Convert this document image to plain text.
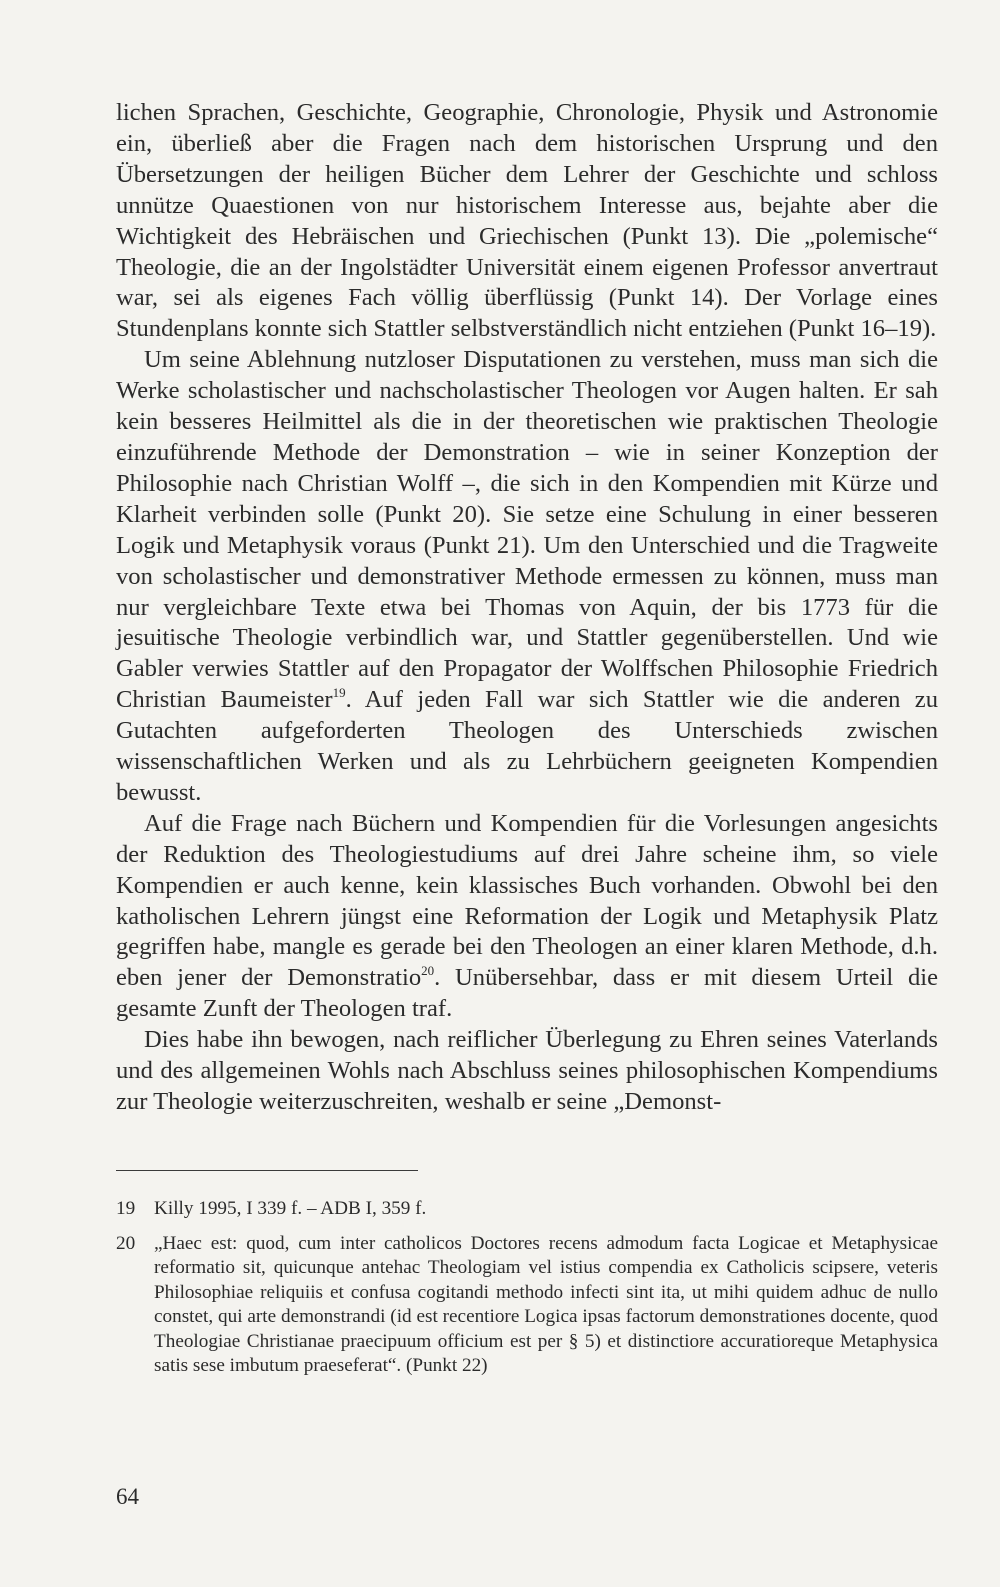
lichen Sprachen, Geschichte, Geographie, Chronologie, Physik und Astronomie ein, überließ aber die Fragen nach dem historischen Ursprung und den Übersetzungen der heiligen Bücher dem Lehrer der Geschichte und schloss unnütze Quaestionen von nur historischem Interesse aus, bejahte aber die Wichtigkeit des Hebräischen und Griechischen (Punkt 13). Die „polemische“ Theologie, die an der Ingolstädter Universität einem eigenen Professor anvertraut war, sei als eigenes Fach völlig überflüssig (Punkt 14). Der Vorlage eines Stundenplans konnte sich Stattler selbstverständlich nicht entziehen (Punkt 16–19).

Um seine Ablehnung nutzloser Disputationen zu verstehen, muss man sich die Werke scholastischer und nachscholastischer Theologen vor Augen halten. Er sah kein besseres Heilmittel als die in der theoretischen wie praktischen Theologie einzuführende Methode der Demonstration – wie in seiner Konzeption der Philosophie nach Christian Wolff –, die sich in den Kompendien mit Kürze und Klarheit verbinden solle (Punkt 20). Sie setze eine Schulung in einer besseren Logik und Metaphysik voraus (Punkt 21). Um den Unterschied und die Tragweite von scholastischer und demonstrativer Methode ermessen zu können, muss man nur vergleichbare Texte etwa bei Thomas von Aquin, der bis 1773 für die jesuitische Theologie verbindlich war, und Stattler gegenüberstellen. Und wie Gabler verwies Stattler auf den Propagator der Wolffschen Philosophie Friedrich Christian Baumeister$^{19}$. Auf jeden Fall war sich Stattler wie die anderen zu Gutachten aufgeforderten Theologen des Unterschieds zwischen wissenschaftlichen Werken und als zu Lehrbüchern geeigneten Kompendien bewusst.

Auf die Frage nach Büchern und Kompendien für die Vorlesungen angesichts der Reduktion des Theologiestudiums auf drei Jahre scheine ihm, so viele Kompendien er auch kenne, kein klassisches Buch vorhanden. Obwohl bei den katholischen Lehrern jüngst eine Reformation der Logik und Metaphysik Platz gegriffen habe, mangle es gerade bei den Theologen an einer klaren Methode, d.h. eben jener der Demonstratio$^{20}$. Unübersehbar, dass er mit diesem Urteil die gesamte Zunft der Theologen traf.

Dies habe ihn bewogen, nach reiflicher Überlegung zu Ehren seines Vaterlands und des allgemeinen Wohls nach Abschluss seines philosophischen Kompendiums zur Theologie weiterzuschreiten, weshalb er seine „Demonst-

19 Killy 1995, I 339 f. – ADB I, 359 f.
20 „Haec est: quod, cum inter catholicos Doctores recens admodum facta Logicae et Metaphysicae reformatio sit, quicunque antehac Theologiam vel istius compendia ex Catholicis scipsere, veteris Philosophiae reliquiis et confusa cogitandi methodo infecti sint ita, ut mihi quidem adhuc de nullo constet, qui arte demonstrandi (id est recentiore Logica ipsas factorum demonstrationes docente, quod Theologiae Christianae praecipuum officium est per § 5) et distinctiore accuratioreque Metaphysica satis sese imbutum praeseferat“. (Punkt 22)
64
